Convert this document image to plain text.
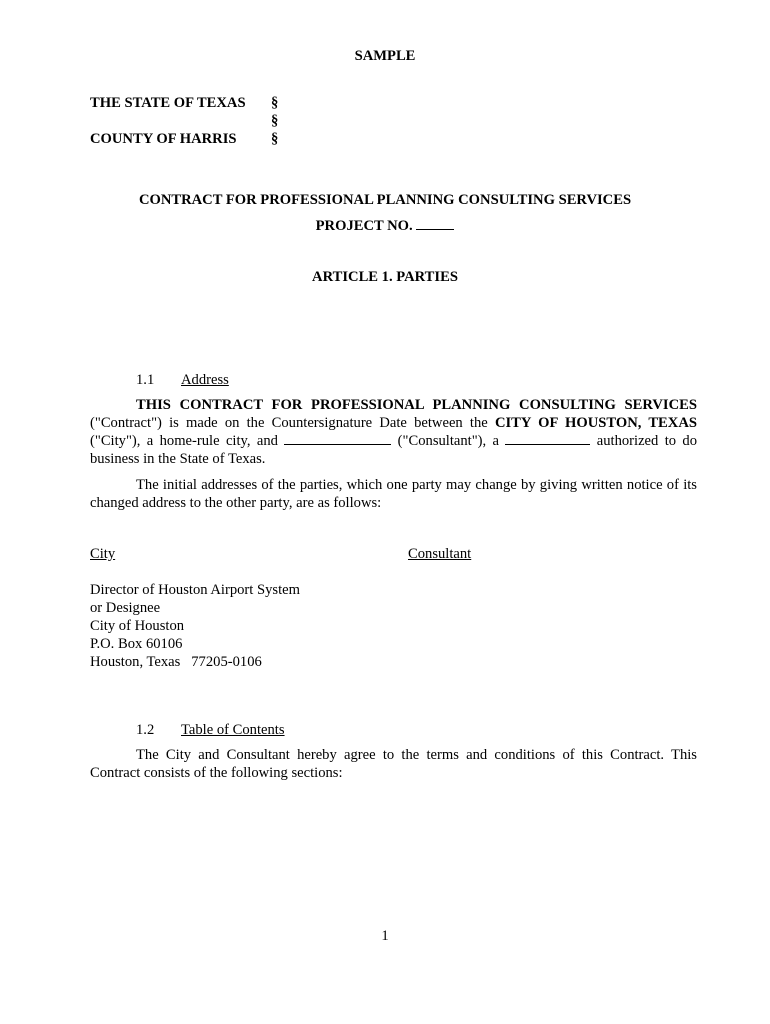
SAMPLE
THE STATE OF TEXAS §
§
COUNTY OF HARRIS §
CONTRACT FOR PROFESSIONAL PLANNING CONSULTING SERVICES
PROJECT NO.
ARTICLE 1. PARTIES
1.1 Address
THIS CONTRACT FOR PROFESSIONAL PLANNING CONSULTING SERVICES ("Contract") is made on the Countersignature Date between the CITY OF HOUSTON, TEXAS ("City"), a home-rule city, and	("Consultant"), a	authorized to do business in the State of Texas.
The initial addresses of the parties, which one party may change by giving written notice of its changed address to the other party, are as follows:
City	Consultant
Director of Houston Airport System
or Designee
City of Houston
P.O. Box 60106
Houston, Texas   77205-0106
1.2 Table of Contents
The City and Consultant hereby agree to the terms and conditions of this Contract. This Contract consists of the following sections:
1
